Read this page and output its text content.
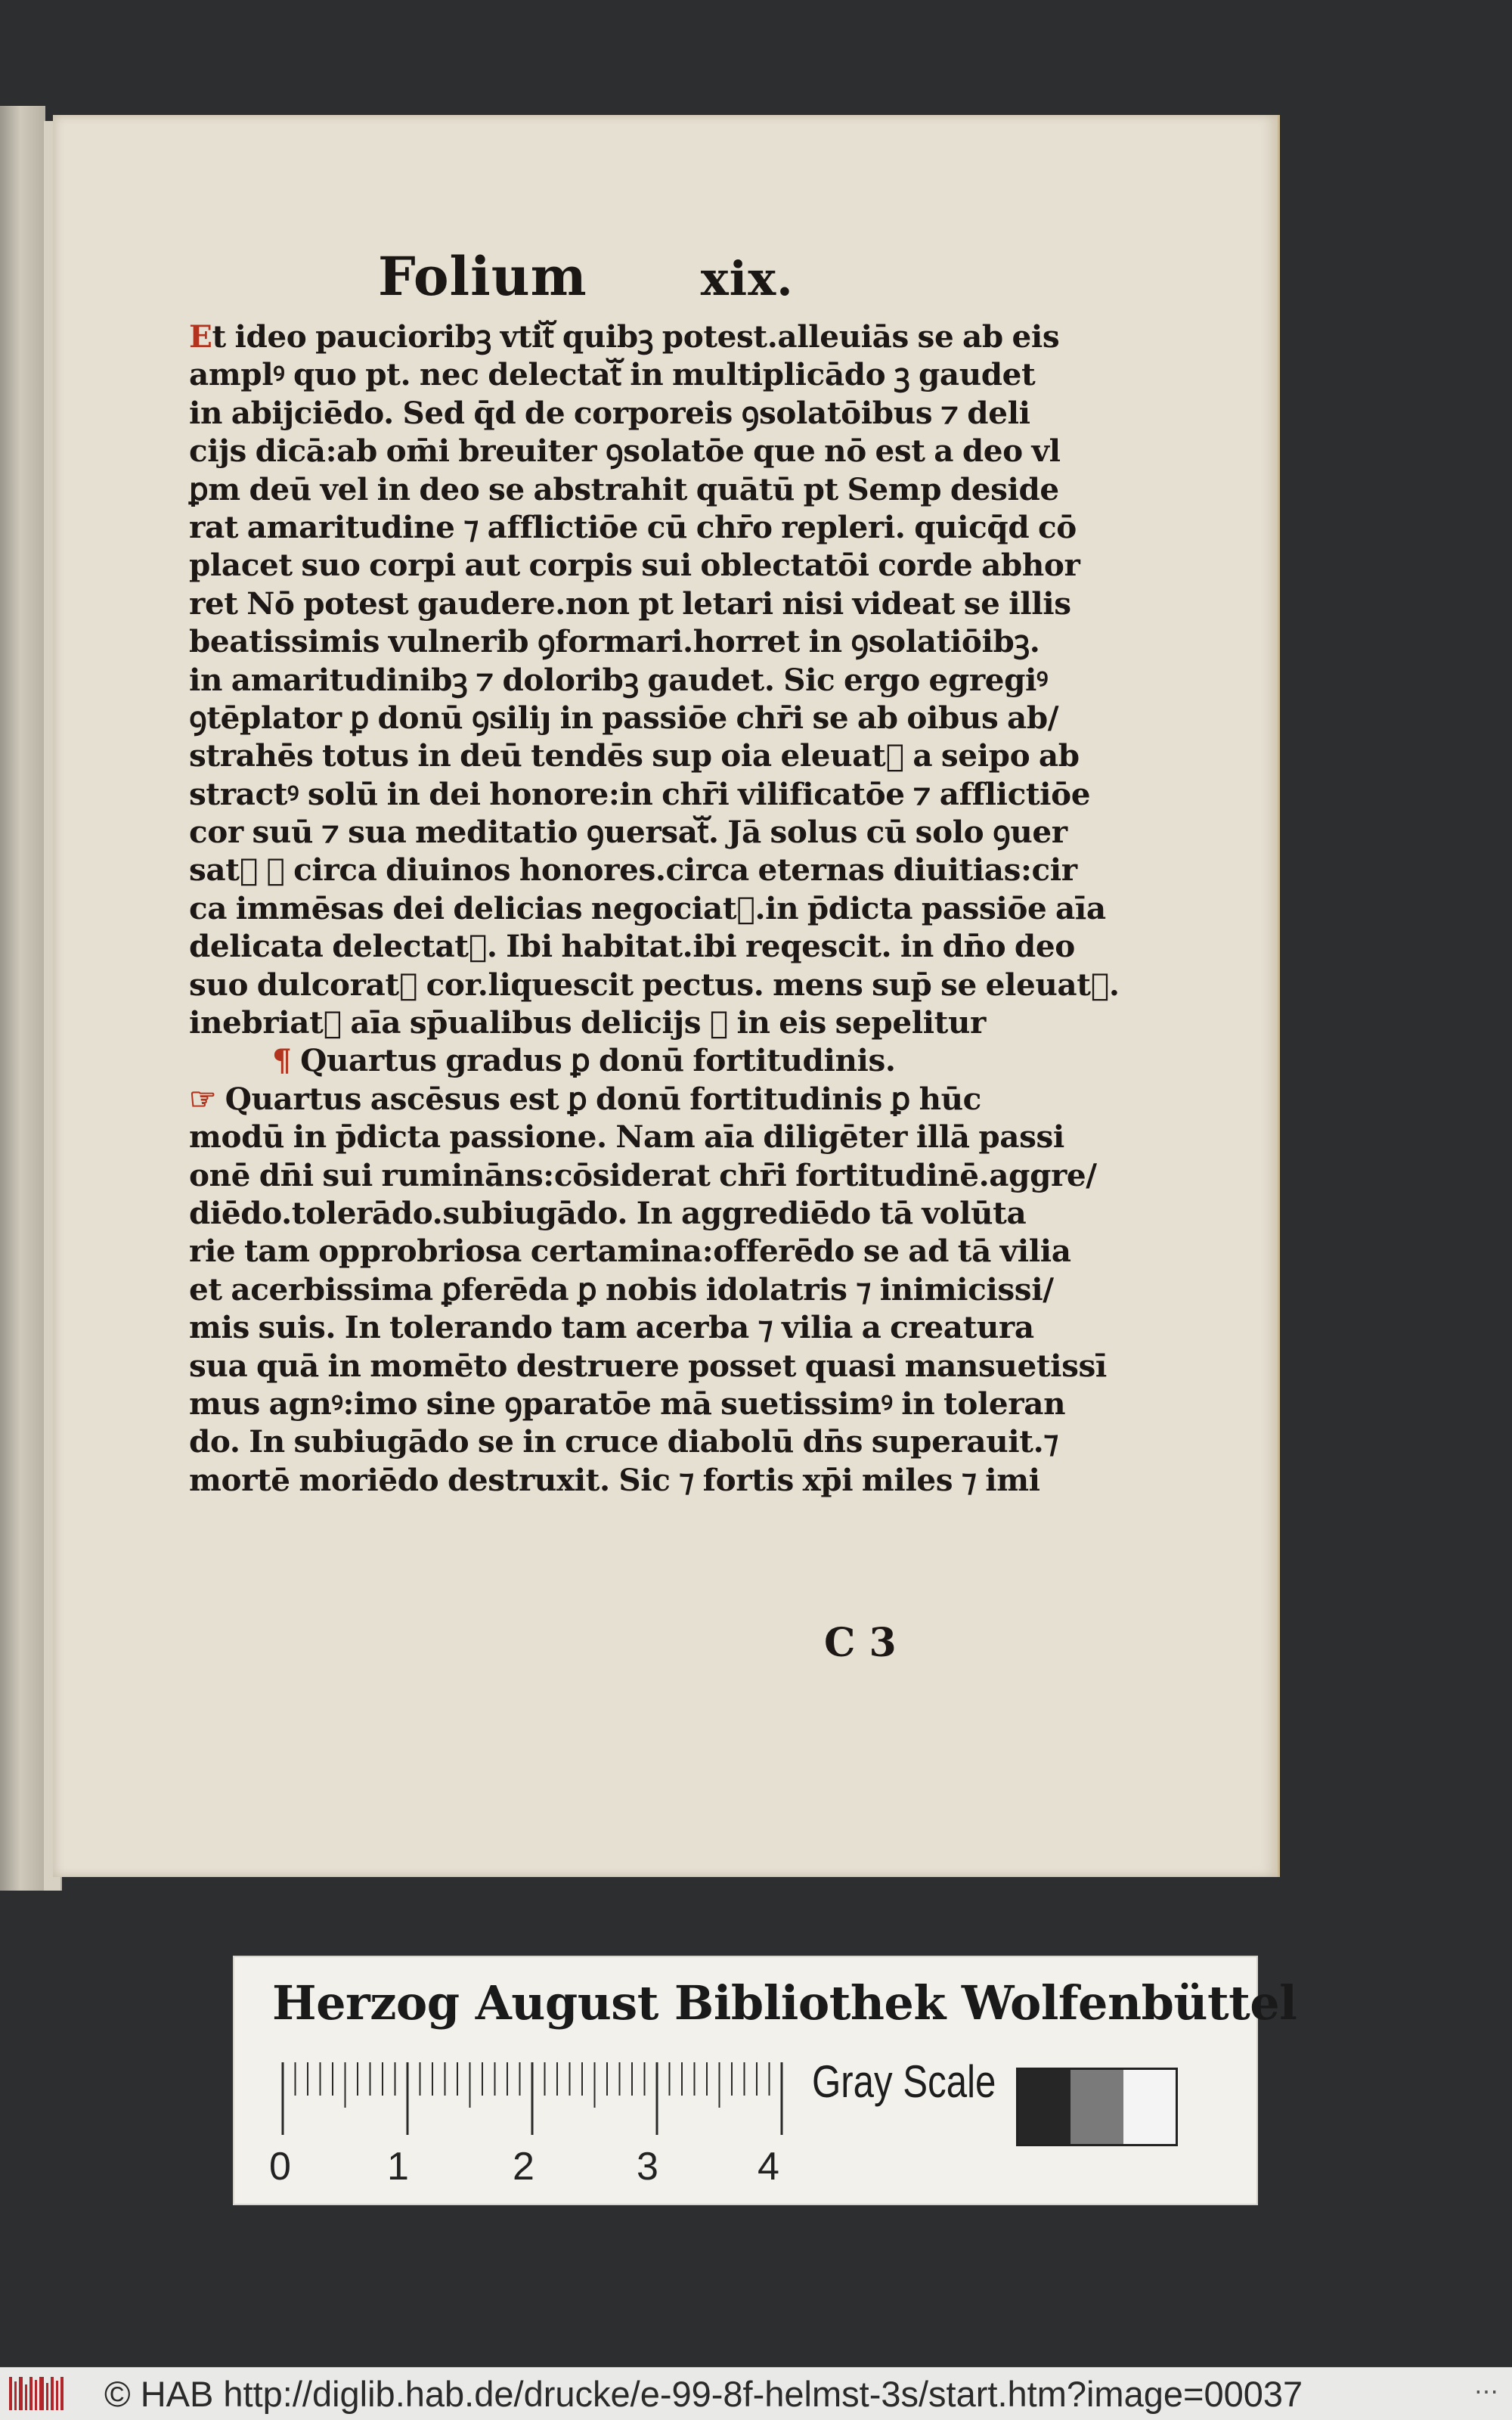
Folium xix.
Et ideo paucioribꝫ vtitᷓ quibꝫ potest.alleuiās se ab eis
amplꝰ quo pt. nec delectatᷓ in multiplicādo ꝫ gaudet
in abijciēdo. Sed q̄d de corporeis ꝯsolatōibus ⁊ deli
cijs dicā:ab om̄i breuiter ꝯsolatōe que nō est a deo vl
ꝑm deū vel in deo se abstrahit quātū pt Semp deside
rat amaritudine ⁊ afflictiōe cū chr̄o repleri. quicq̄d cō
placet suo corpi aut corpis sui oblectatōi corde abhor
ret Nō potest gaudere.non pt letari nisi videat se illis
beatissimis vulnerib ꝯformari.horret in ꝯsolatiōibꝫ.
in amaritudinibꝫ ⁊ doloribꝫ gaudet. Sic ergo egregiꝰ
ꝯtēplator ꝑ donū ꝯsiliȷ in passiōe chr̄i se ab oibus ab/
strahēs totus in deū tendēs sup oia eleuatᷓ a seipo ab
stractꝰ solū in dei honore:in chr̄i vilificatōe ⁊ afflictiōe
cor suū ⁊ sua meditatio ꝯuersatᷓ. Jā solus cū solo ꝯuer
satᷓ ⁊ circa diuinos honores.circa eternas diuitias:cir
ca immēsas dei delicias negociatᷓ.in p̄dicta passiōe aīa
delicata delectatᷓ. Ibi habitat.ibi reqescit. in dn̄o deo
suo dulcoratᷓ cor.liquescit pectus. mens sup̄ se eleuatᷓ.
inebriatᷓ aīa sp̄ualibus delicijs ⁊ in eis sepelitur
¶ Quartus gradus ꝑ donū fortitudinis.
☞ Quartus ascēsus est ꝑ donū fortitudinis ꝑ hūc
modū in p̄dicta passione. Nam aīa diligēter illā passi
onē dn̄i sui rumināns:cōsiderat chr̄i fortitudinē.aggre/
diēdo.tolerādo.subiugādo. In aggrediēdo tā volūta
rie tam opprobriosa certamina:offerēdo se ad tā vilia
et acerbissima ꝑferēda ꝑ nobis idolatris ⁊ inimicissi/
mis suis. In tolerando tam acerba ⁊ vilia a creatura
sua quā in momēto destruere posset quasi mansuetissī
mus agnꝰ:imo sine ꝯparatōe mā suetissimꝰ in toleran
do. In subiugādo se in cruce diabolū dn̄s superauit.⁊
mortē moriēdo destruxit. Sic ⁊ fortis xp̄i miles ⁊ imi
C 3
Herzog August Bibliothek Wolfenbüttel
0 1	2	3	4
Gray Scale
© HAB http://diglib.hab.de/drucke/e-99-8f-helmst-3s/start.htm?image=00037	⋯
